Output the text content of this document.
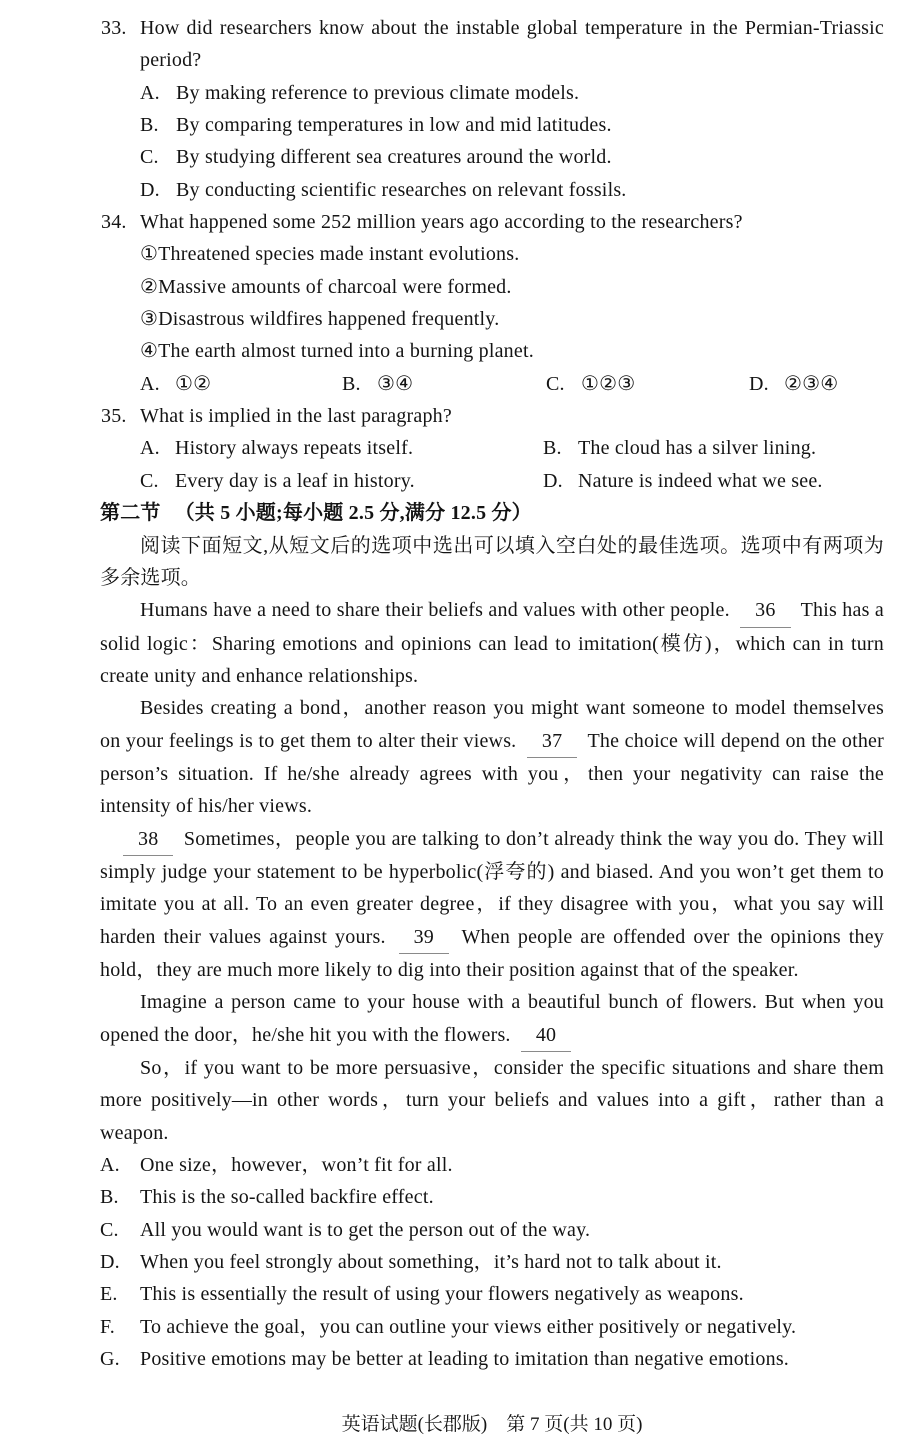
33. How did researchers know about the instable global temperature in the Permian-Triassic period?
A. By making reference to previous climate models.
B. By comparing temperatures in low and mid latitudes.
C. By studying different sea creatures around the world.
D. By conducting scientific researches on relevant fossils.
34. What happened some 252 million years ago according to the researchers?
①Threatened species made instant evolutions.
②Massive amounts of charcoal were formed.
③Disastrous wildfires happened frequently.
④The earth almost turned into a burning planet.
A. ①②	B. ③④	C. ①②③	D. ②③④
35. What is implied in the last paragraph?
A. History always repeats itself.	B. The cloud has a silver lining.
C. Every day is a leaf in history.	D. Nature is indeed what we see.
第二节 （共 5 小题;每小题 2.5 分,满分 12.5 分）
阅读下面短文,从短文后的选项中选出可以填入空白处的最佳选项。选项中有两项为多余选项。
Humans have a need to share their beliefs and values with other people. 36 This has a solid logic：Sharing emotions and opinions can lead to imitation(模仿)，which can in turn create unity and enhance relationships.
Besides creating a bond，another reason you might want someone to model themselves on your feelings is to get them to alter their views. 37 The choice will depend on the other person’s situation. If he/she already agrees with you，then your negativity can raise the intensity of his/her views.
38 Sometimes，people you are talking to don’t already think the way you do. They will simply judge your statement to be hyperbolic(浮夸的) and biased. And you won’t get them to imitate you at all. To an even greater degree，if they disagree with you，what you say will harden their values against yours. 39 When people are offended over the opinions they hold，they are much more likely to dig into their position against that of the speaker.
Imagine a person came to your house with a beautiful bunch of flowers. But when you opened the door，he/she hit you with the flowers. 40
So，if you want to be more persuasive，consider the specific situations and share them more positively—in other words，turn your beliefs and values into a gift，rather than a weapon.
A. One size，however，won’t fit for all.
B. This is the so-called backfire effect.
C. All you would want is to get the person out of the way.
D. When you feel strongly about something，it’s hard not to talk about it.
E. This is essentially the result of using your flowers negatively as weapons.
F. To achieve the goal，you can outline your views either positively or negatively.
G. Positive emotions may be better at leading to imitation than negative emotions.
英语试题(长郡版)　第 7 页(共 10 页)
